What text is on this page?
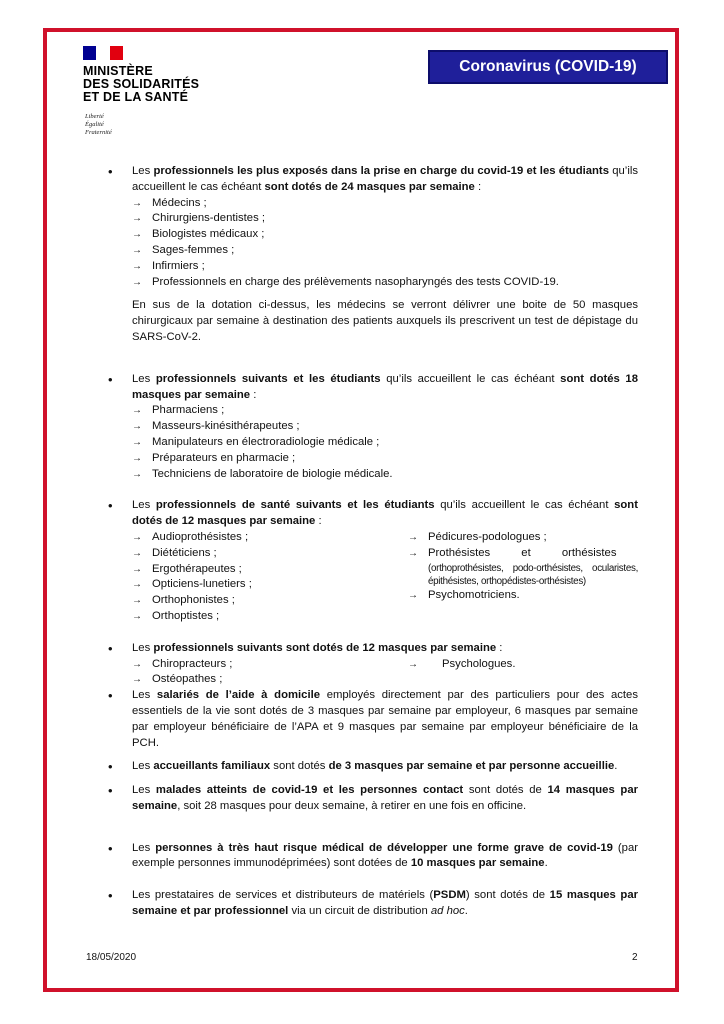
MINISTÈRE
DES SOLIDARITÉS
ET DE LA SANTÉ
Liberté
Égalité
Fraternité
Coronavirus (COVID-19)
• Les professionnels les plus exposés dans la prise en charge du covid-19 et les étudiants qu’ils accueillent le cas échéant sont dotés de 24 masques par semaine :
→ Médecins ;
→ Chirurgiens-dentistes ;
→ Biologistes médicaux ;
→ Sages-femmes ;
→ Infirmiers ;
→ Professionnels en charge des prélèvements nasopharyngés des tests COVID-19.
En sus de la dotation ci-dessus, les médecins se verront délivrer une boite de 50 masques chirurgicaux par semaine à destination des patients auxquels ils prescrivent un test de dépistage du SARS-CoV-2.
• Les professionnels suivants et les étudiants qu’ils accueillent le cas échéant sont dotés 18 masques par semaine :
→ Pharmaciens ;
→ Masseurs-kinésithérapeutes ;
→ Manipulateurs en électroradiologie médicale ;
→ Préparateurs en pharmacie ;
→ Techniciens de laboratoire de biologie médicale.
• Les professionnels de santé suivants et les étudiants qu’ils accueillent le cas échéant sont dotés de 12 masques par semaine :
→ Audioprothésistes ;
→ Diététiciens ;
→ Ergothérapeutes ;
→ Opticiens-lunetiers ;
→ Orthophonistes ;
→ Orthoptistes ;
→ Pédicures-podologues ;
→ Prothésistes et orthésistes
(orthoprothésistes, podo-orthésistes, ocularistes, épithésistes, orthopédistes-orthésistes)
→ Psychomotriciens.
• Les professionnels suivants sont dotés de 12 masques par semaine :
→ Chiropracteurs ;
→ Ostéopathes ;
→ Psychologues.
• Les salariés de l’aide à domicile employés directement par des particuliers pour des actes essentiels de la vie sont dotés de 3 masques par semaine par employeur, 6 masques par semaine par employeur bénéficiaire de l’APA et 9 masques par semaine par employeur bénéficiaire de la PCH.
• Les accueillants familiaux sont dotés de 3 masques par semaine et par personne accueillie.
• Les malades atteints de covid-19 et les personnes contact sont dotés de 14 masques par semaine, soit 28 masques pour deux semaine, à retirer en une fois en officine.
• Les personnes à très haut risque médical de développer une forme grave de covid-19 (par exemple personnes immunodéprimées) sont dotées de 10 masques par semaine.
• Les prestataires de services et distributeurs de matériels (PSDM) sont dotés de 15 masques par semaine et par professionnel via un circuit de distribution ad hoc.
18/05/2020	2
